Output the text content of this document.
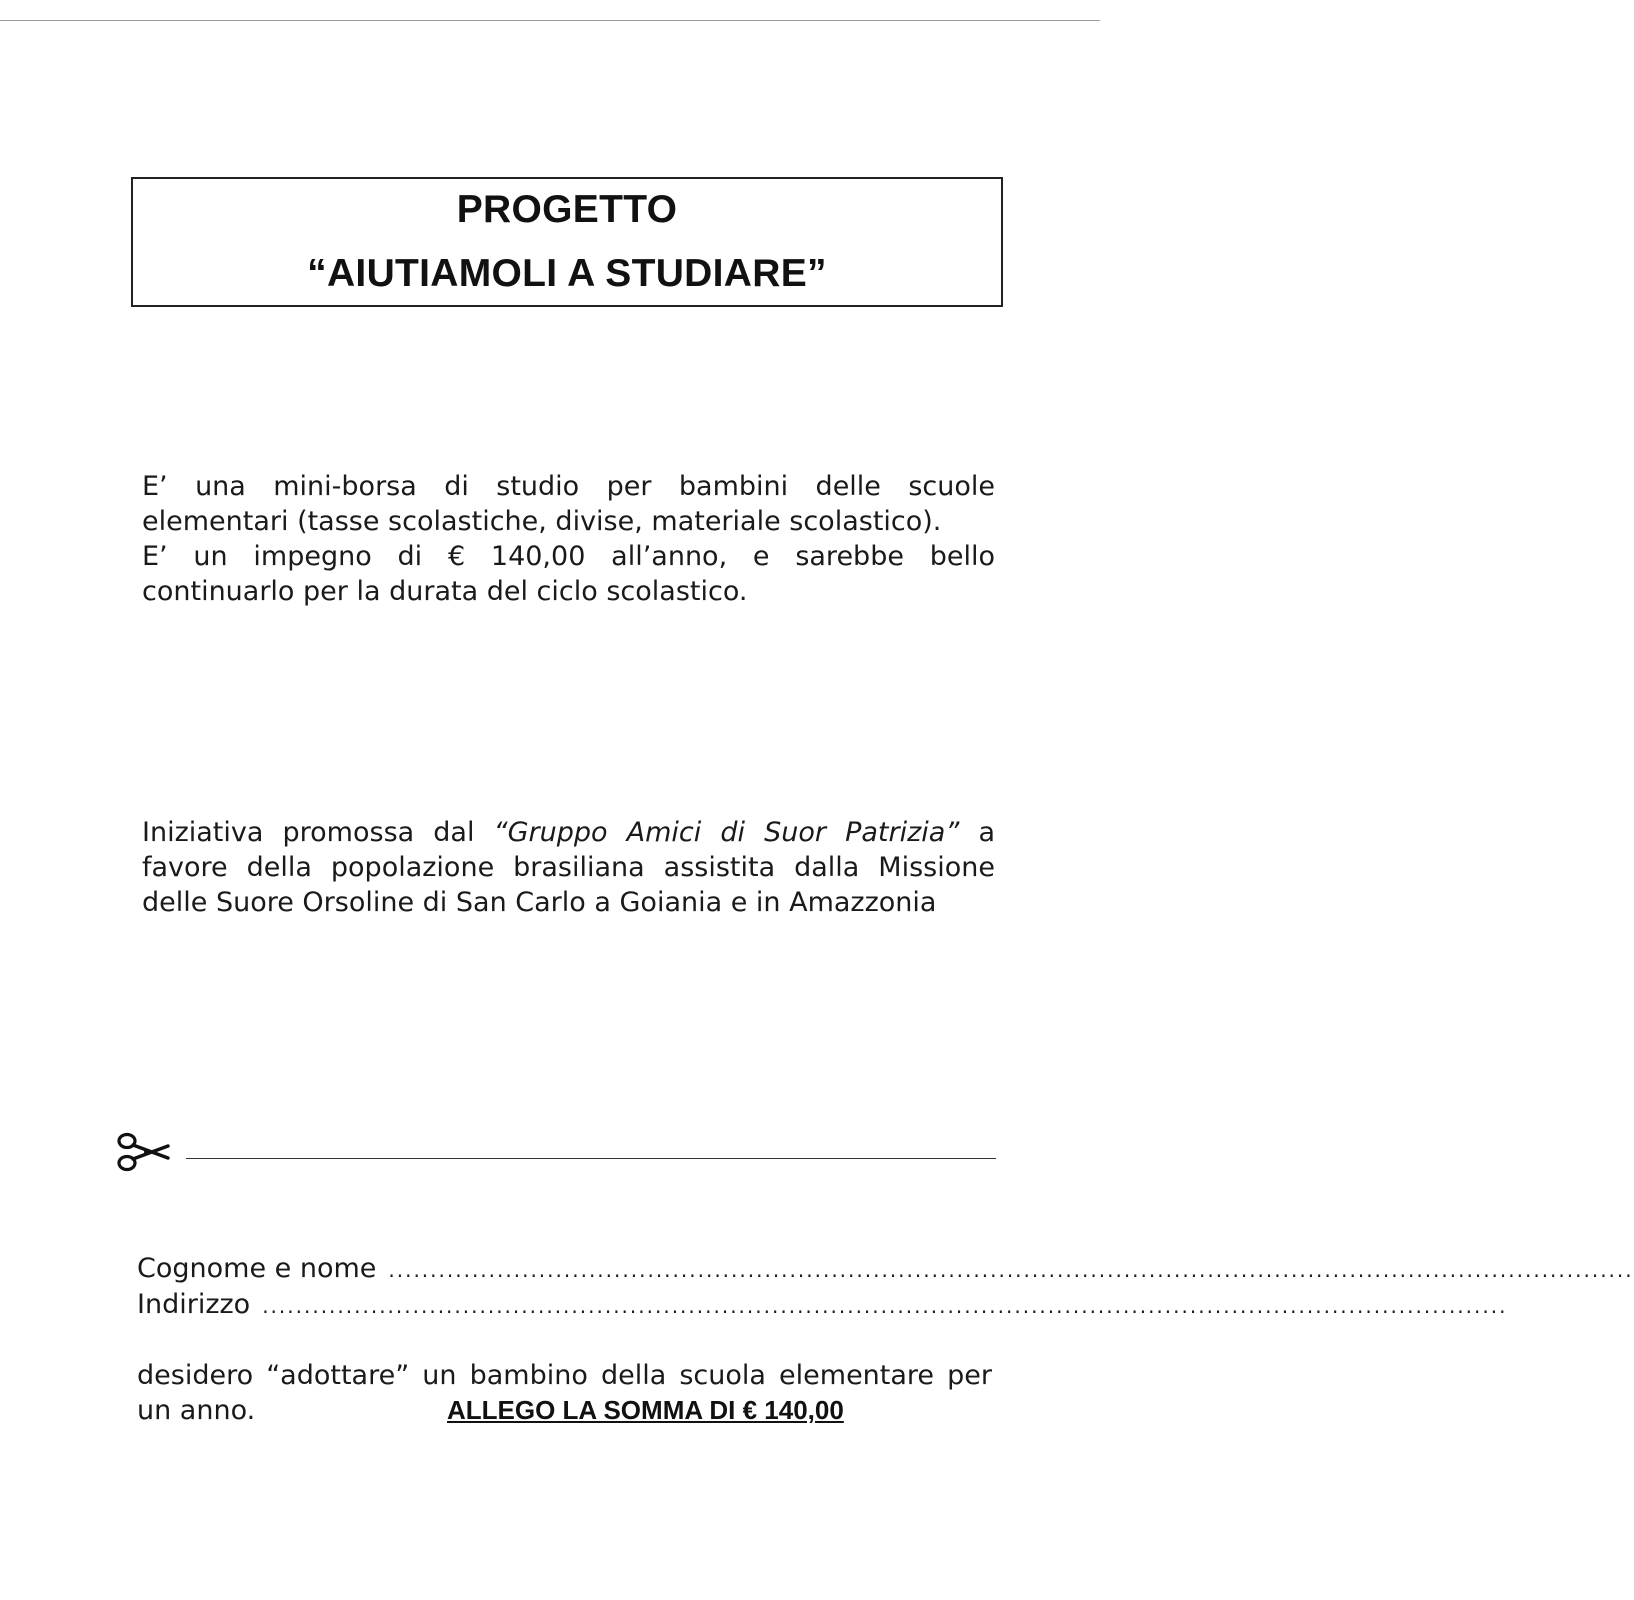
PROGETTO
“AIUTIAMOLI A STUDIARE”
E’ una mini-borsa di studio per bambini delle scuole
elementari (tasse scolastiche, divise, materiale scolastico).
E’ un impegno di € 140,00 all’anno, e sarebbe bello
continuarlo per la durata del ciclo scolastico.
Iniziativa promossa dal “Gruppo Amici di Suor Patrizia” a
favore della popolazione brasiliana assistita dalla Missione
delle Suore Orsoline di San Carlo a Goiania e in Amazzonia
Cognome e nome .....................................................................................................................................................
Indirizzo .....................................................................................................................................................
desidero “adottare” un bambino della scuola elementare per
un anno.	ALLEGO LA SOMMA DI € 140,00
